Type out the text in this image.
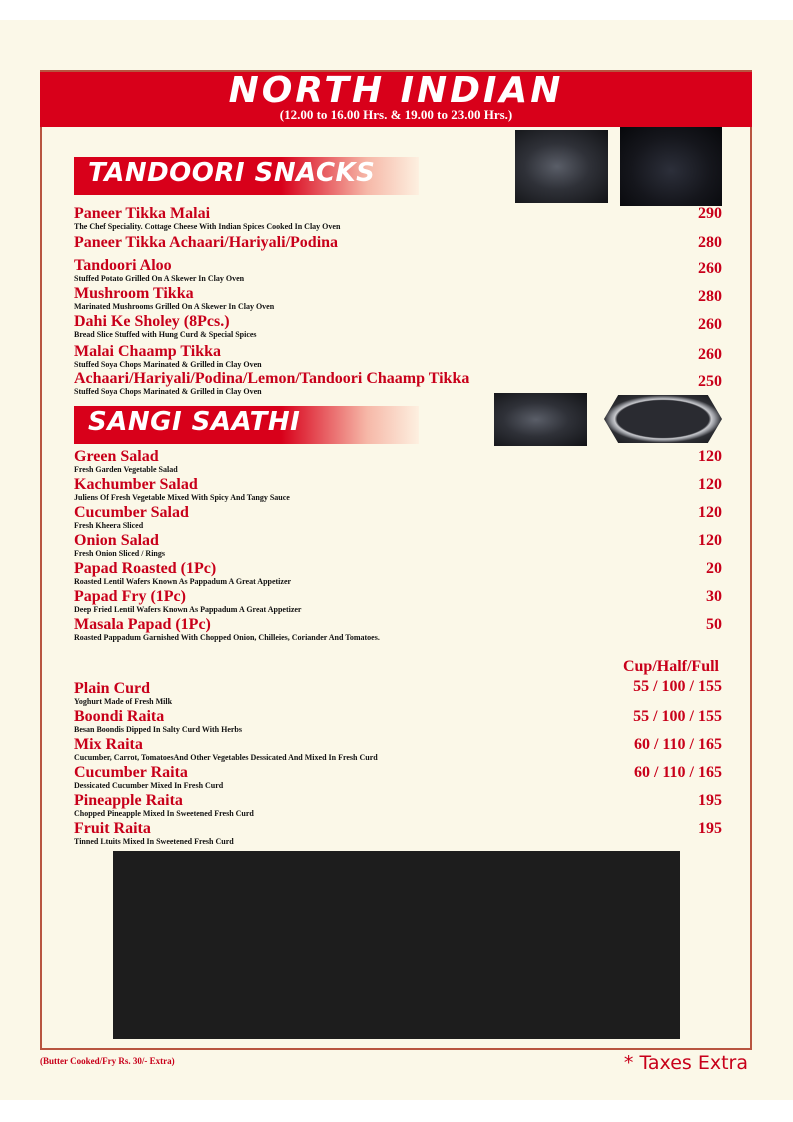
NORTH INDIAN
(12.00 to 16.00 Hrs. & 19.00 to 23.00 Hrs.)
TANDOORI SNACKS
Paneer Tikka Malai
The Chef Speciality. Cottage Cheese With Indian Spices Cooked In Clay Oven
290
Paneer Tikka Achaari/Hariyali/Podina	280
Tandoori Aloo
Stuffed Potato Grilled On A Skewer In Clay Oven
260
Mushroom Tikka
Marinated Mushrooms Grilled On A Skewer In Clay Oven
280
Dahi Ke Sholey (8Pcs.)
Bread Slice Stuffed with Hung Curd & Special Spices
260
Malai Chaamp Tikka
Stuffed Soya Chops Marinated & Grilled in Clay Oven
260
Achaari/Hariyali/Podina/Lemon/Tandoori Chaamp Tikka
Stuffed Soya Chops Marinated & Grilled in Clay Oven
250
SANGI SAATHI
Green Salad
Fresh Garden Vegetable Salad
120
Kachumber Salad
Juliens Of Fresh Vegetable Mixed With Spicy And Tangy Sauce
120
Cucumber Salad
Fresh Kheera Sliced
120
Onion Salad
Fresh Onion Sliced / Rings
120
Papad Roasted (1Pc)
Roasted Lentil Wafers Known As Pappadum A Great Appetizer
20
Papad Fry (1Pc)
Deep Fried Lentil Wafers Known As Pappadum A Great Appetizer
30
Masala Papad (1Pc)
Roasted Pappadum Garnished With Chopped Onion, Chilleies, Coriander And Tomatoes.
50
Cup/Half/Full
Plain Curd
Yoghurt Made of Fresh Milk
55 / 100 / 155
Boondi Raita
Besan Boondis Dipped In Salty Curd With Herbs
55 / 100 / 155
Mix Raita
Cucumber, Carrot, TomatoesAnd Other Vegetables Dessicated And Mixed In Fresh Curd
60 / 110 / 165
Cucumber Raita
Dessicated Cucumber Mixed In Fresh Curd
60 / 110 / 165
Pineapple Raita
Chopped Pineapple Mixed In Sweetened Fresh Curd
195
Fruit Raita
Tinned Ltuits Mixed In Sweetened Fresh Curd
195
(Butter Cooked/Fry Rs. 30/- Extra)	* Taxes Extra
